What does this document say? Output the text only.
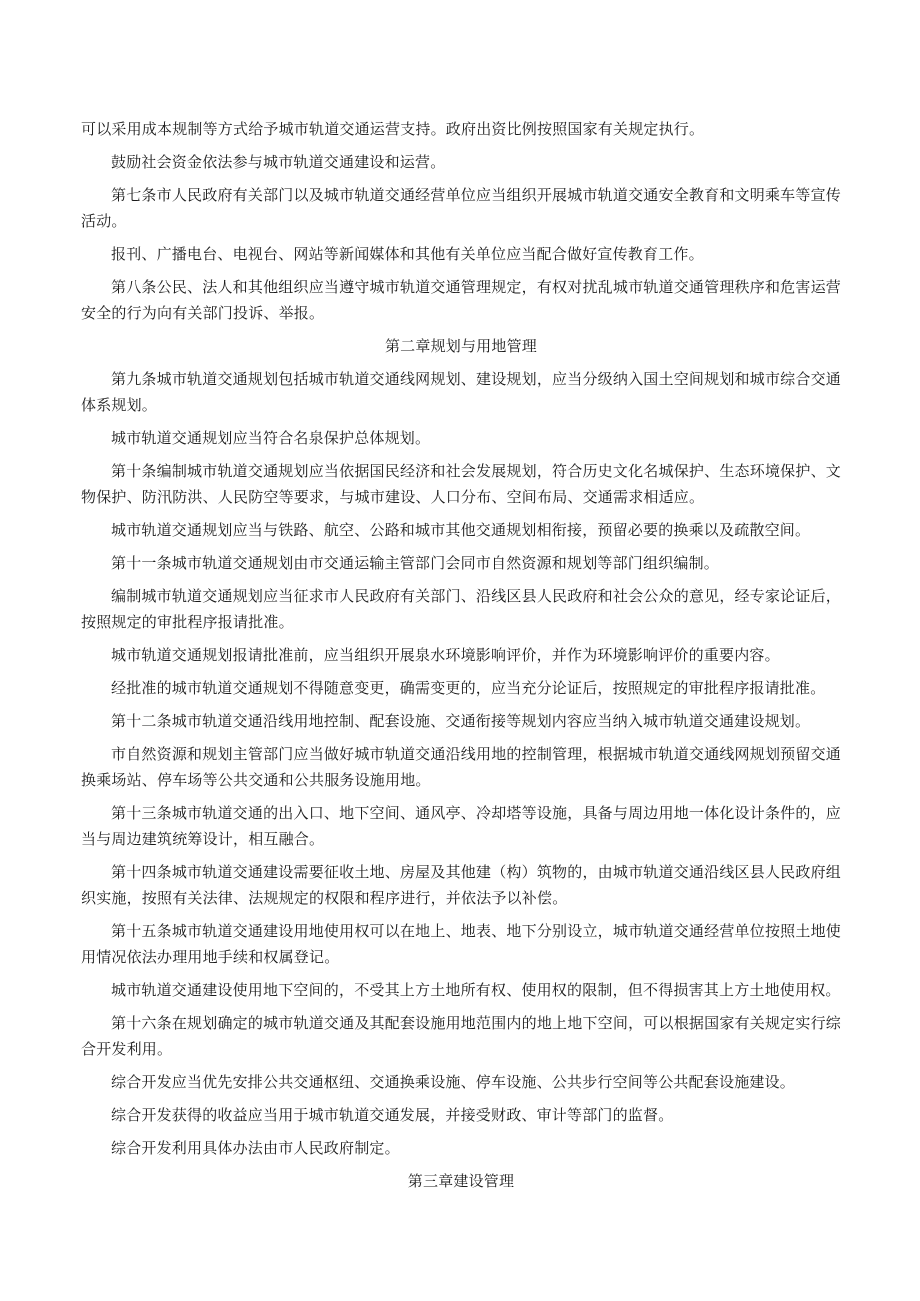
可以采用成本规制等方式给予城市轨道交通运营支持。政府出资比例按照国家有关规定执行。

鼓励社会资金依法参与城市轨道交通建设和运营。

第七条市人民政府有关部门以及城市轨道交通经营单位应当组织开展城市轨道交通安全教育和文明乘车等宣传活动。

报刊、广播电台、电视台、网站等新闻媒体和其他有关单位应当配合做好宣传教育工作。

第八条公民、法人和其他组织应当遵守城市轨道交通管理规定，有权对扰乱城市轨道交通管理秩序和危害运营安全的行为向有关部门投诉、举报。

第二章规划与用地管理

第九条城市轨道交通规划包括城市轨道交通线网规划、建设规划，应当分级纳入国土空间规划和城市综合交通体系规划。

城市轨道交通规划应当符合名泉保护总体规划。

第十条编制城市轨道交通规划应当依据国民经济和社会发展规划，符合历史文化名城保护、生态环境保护、文物保护、防汛防洪、人民防空等要求，与城市建设、人口分布、空间布局、交通需求相适应。

城市轨道交通规划应当与铁路、航空、公路和城市其他交通规划相衔接，预留必要的换乘以及疏散空间。

第十一条城市轨道交通规划由市交通运输主管部门会同市自然资源和规划等部门组织编制。

编制城市轨道交通规划应当征求市人民政府有关部门、沿线区县人民政府和社会公众的意见，经专家论证后，按照规定的审批程序报请批准。

城市轨道交通规划报请批准前，应当组织开展泉水环境影响评价，并作为环境影响评价的重要内容。

经批准的城市轨道交通规划不得随意变更，确需变更的，应当充分论证后，按照规定的审批程序报请批准。

第十二条城市轨道交通沿线用地控制、配套设施、交通衔接等规划内容应当纳入城市轨道交通建设规划。

市自然资源和规划主管部门应当做好城市轨道交通沿线用地的控制管理，根据城市轨道交通线网规划预留交通换乘场站、停车场等公共交通和公共服务设施用地。

第十三条城市轨道交通的出入口、地下空间、通风亭、冷却塔等设施，具备与周边用地一体化设计条件的，应当与周边建筑统筹设计，相互融合。

第十四条城市轨道交通建设需要征收土地、房屋及其他建（构）筑物的，由城市轨道交通沿线区县人民政府组织实施，按照有关法律、法规规定的权限和程序进行，并依法予以补偿。

第十五条城市轨道交通建设用地使用权可以在地上、地表、地下分别设立，城市轨道交通经营单位按照土地使用情况依法办理用地手续和权属登记。

城市轨道交通建设使用地下空间的，不受其上方土地所有权、使用权的限制，但不得损害其上方土地使用权。

第十六条在规划确定的城市轨道交通及其配套设施用地范围内的地上地下空间，可以根据国家有关规定实行综合开发利用。

综合开发应当优先安排公共交通枢纽、交通换乘设施、停车设施、公共步行空间等公共配套设施建设。

综合开发获得的收益应当用于城市轨道交通发展，并接受财政、审计等部门的监督。

综合开发利用具体办法由市人民政府制定。

第三章建设管理
